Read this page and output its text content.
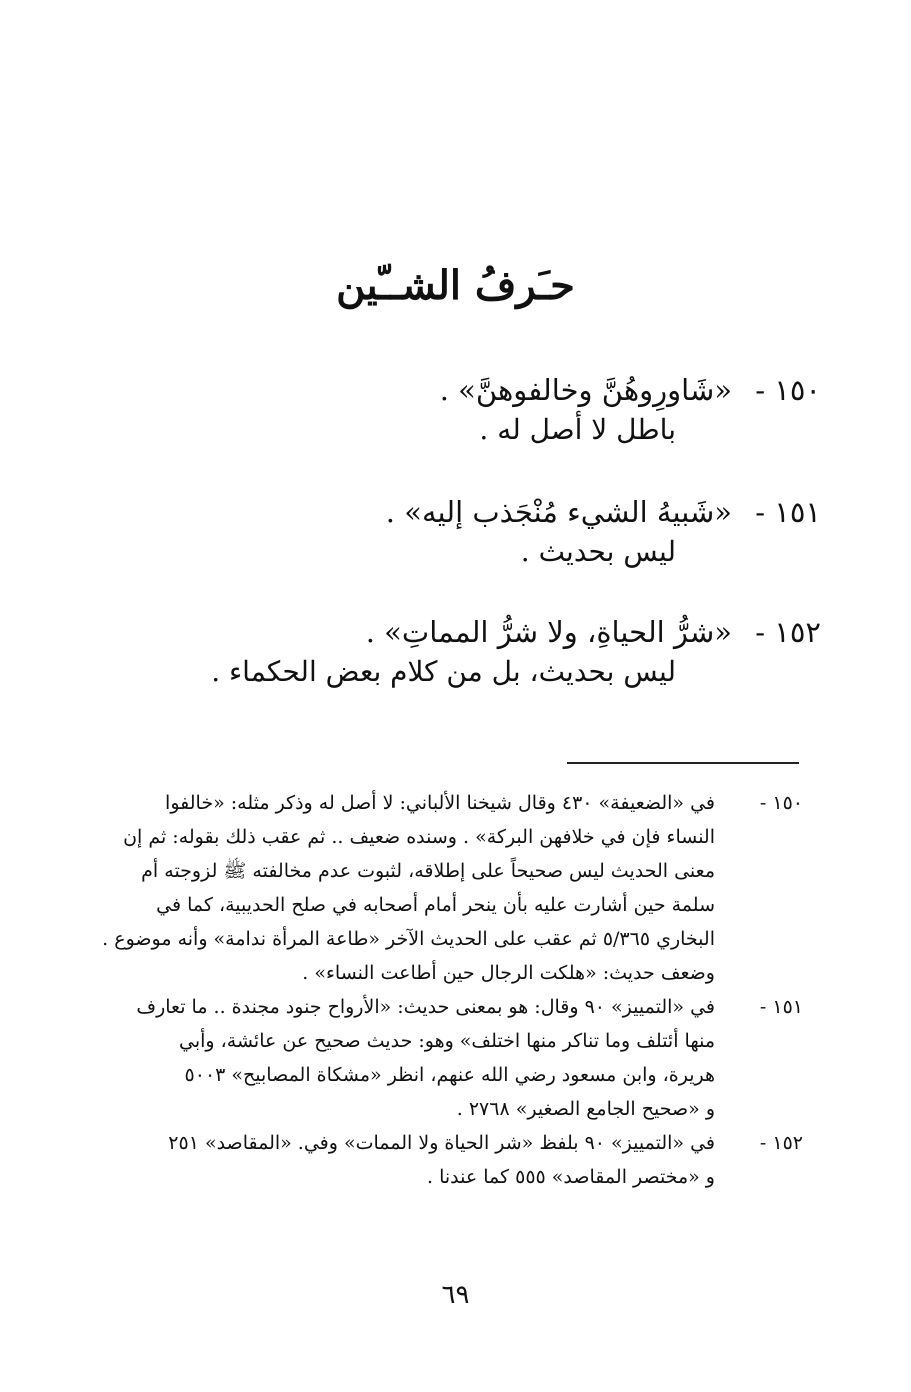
حـَرفُ الشــّين
١٥٠ - «شَاورِوهُنَّ وخالفوهنَّ» .
باطل لا أصل له .
١٥١ - «شَبيهُ الشيء مُنْجَذب إليه» .
ليس بحديث .
١٥٢ - «شرُّ الحياةِ، ولا شرُّ المماتِ» .
ليس بحديث، بل من كلام بعض الحكماء .
١٥٠ -
في «الضعيفة» ٤٣٠ وقال شيخنا الألباني: لا أصل له وذكر مثله: «خالفوا
النساء فإن في خلافهن البركة» . وسنده ضعيف .. ثم عقب ذلك بقوله: ثم إن
معنى الحديث ليس صحيحاً على إطلاقه، لثبوت عدم مخالفته ﷺ لزوجته أم
سلمة حين أشارت عليه بأن ينحر أمام أصحابه في صلح الحديبية، كما في
البخاري ٥/٣٦٥ ثم عقب على الحديث الآخر «طاعة المرأة ندامة» وأنه موضوع .
وضعف حديث: «هلكت الرجال حين أطاعت النساء» .
١٥١ -
في «التمييز» ٩٠ وقال: هو بمعنى حديث: «الأرواح جنود مجندة .. ما تعارف
منها أئتلف وما تناكر منها اختلف» وهو: حديث صحيح عن عائشة، وأبي
هريرة، وابن مسعود رضي الله عنهم، انظر «مشكاة المصابيح» ٥٠٠٣
و «صحيح الجامع الصغير» ٢٧٦٨ .
١٥٢ -
في «التمييز» ٩٠ بلفظ «شر الحياة ولا الممات» وفي. «المقاصد» ٢٥١
و «مختصر المقاصد» ٥٥٥ كما عندنا .
٦٩
